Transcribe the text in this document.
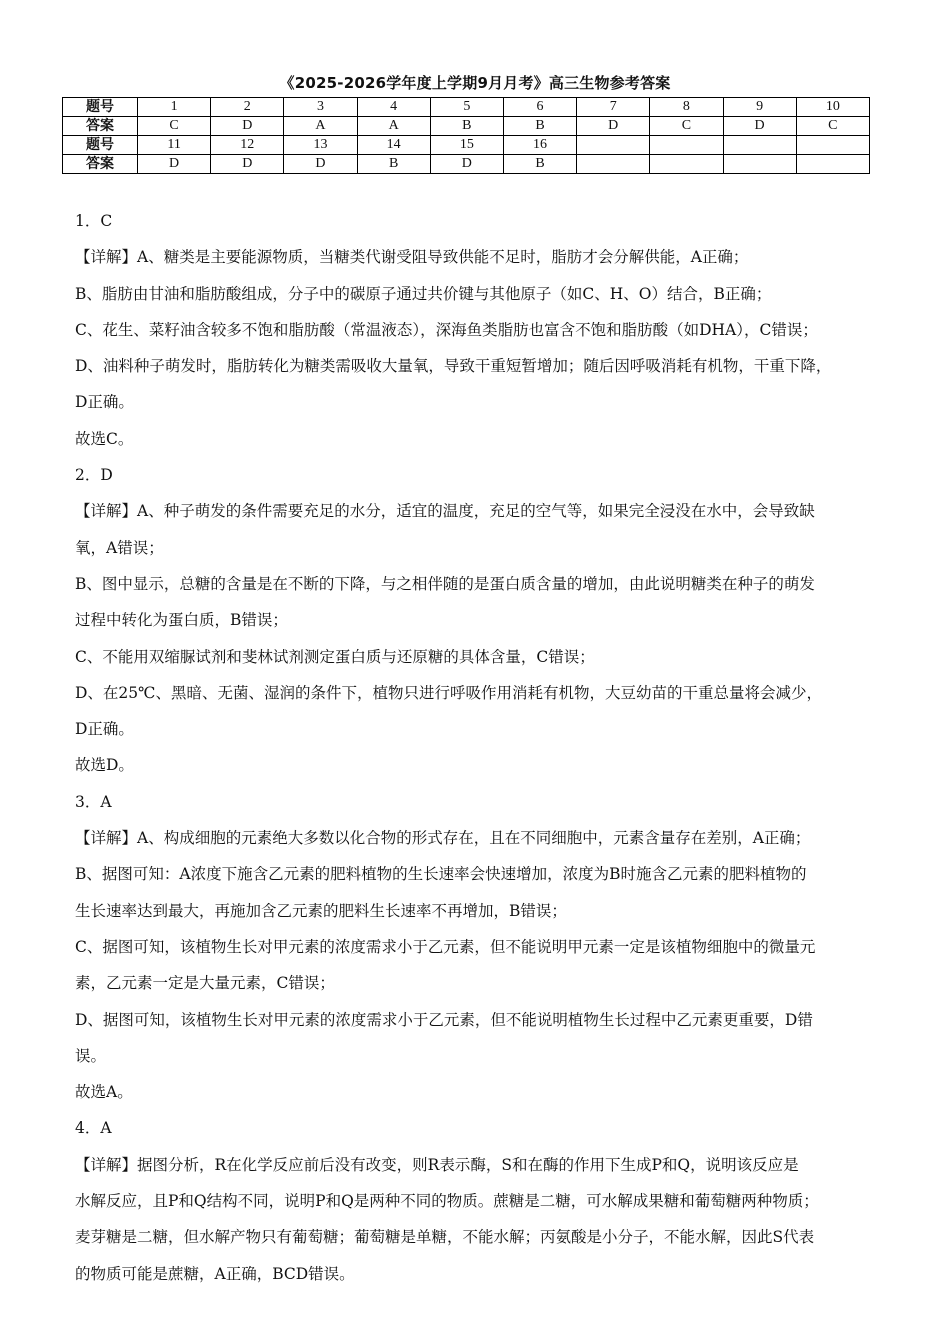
《2025-2026学年度上学期9月月考》高三生物参考答案
题号	1	2	3	4	5	6	7	8	9	10
答案	C	D	A	A	B	B	D	C	D	C
题号	11	12	13	14	15	16				
答案	D	D	D	B	D	B				

1．C

【详解】A、糖类是主要能源物质，当糖类代谢受阻导致供能不足时，脂肪才会分解供能，A正确；

B、脂肪由甘油和脂肪酸组成，分子中的碳原子通过共价键与其他原子（如C、H、O）结合，B正确；

C、花生、菜籽油含较多不饱和脂肪酸（常温液态），深海鱼类脂肪也富含不饱和脂肪酸（如DHA），C错误；

D、油料种子萌发时，脂肪转化为糖类需吸收大量氧，导致干重短暂增加；随后因呼吸消耗有机物，干重下降，

D正确。

故选C。

2．D

【详解】A、种子萌发的条件需要充足的水分，适宜的温度，充足的空气等，如果完全浸没在水中，会导致缺

氧，A错误；

B、图中显示，总糖的含量是在不断的下降，与之相伴随的是蛋白质含量的增加，由此说明糖类在种子的萌发

过程中转化为蛋白质，B错误；

C、不能用双缩脲试剂和斐林试剂测定蛋白质与还原糖的具体含量，C错误；

D、在25℃、黑暗、无菌、湿润的条件下，植物只进行呼吸作用消耗有机物，大豆幼苗的干重总量将会减少，

D正确。

故选D。

3．A

【详解】A、构成细胞的元素绝大多数以化合物的形式存在，且在不同细胞中，元素含量存在差别，A正确；

B、据图可知：A浓度下施含乙元素的肥料植物的生长速率会快速增加，浓度为B时施含乙元素的肥料植物的

生长速率达到最大，再施加含乙元素的肥料生长速率不再增加，B错误；

C、据图可知，该植物生长对甲元素的浓度需求小于乙元素，但不能说明甲元素一定是该植物细胞中的微量元

素，乙元素一定是大量元素，C错误；

D、据图可知，该植物生长对甲元素的浓度需求小于乙元素，但不能说明植物生长过程中乙元素更重要，D错

误。

故选A。

4．A

【详解】据图分析，R在化学反应前后没有改变，则R表示酶，S和在酶的作用下生成P和Q，说明该反应是

水解反应，且P和Q结构不同，说明P和Q是两种不同的物质。蔗糖是二糖，可水解成果糖和葡萄糖两种物质；

麦芽糖是二糖，但水解产物只有葡萄糖；葡萄糖是单糖，不能水解；丙氨酸是小分子，不能水解，因此S代表

的物质可能是蔗糖，A正确，BCD错误。
